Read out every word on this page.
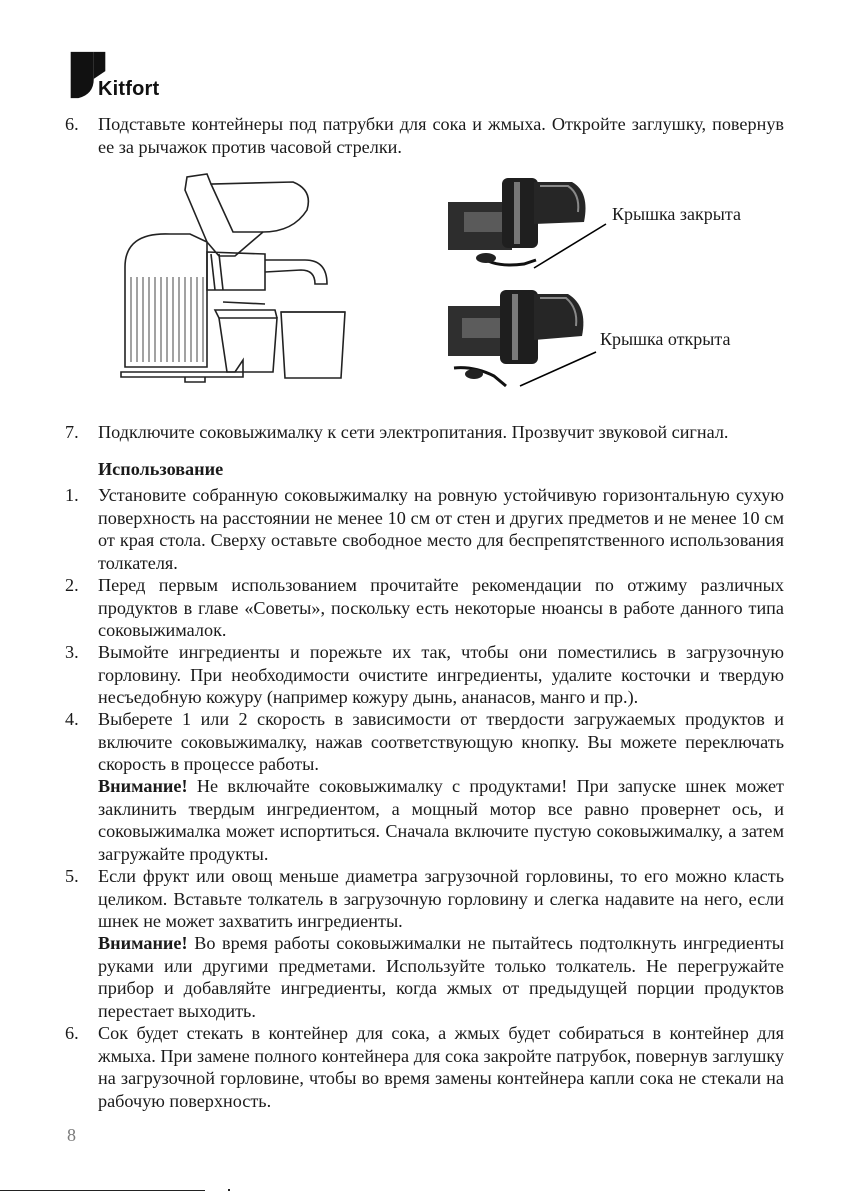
Kitfort
6. Подставьте контейнеры под патрубки для сока и жмыха. Откройте заглушку, повернув ее за рычажок против часовой стрелки.
Крышка закрыта
Крышка открыта
7. Подключите соковыжималку к сети электропитания. Прозвучит звуковой сигнал.
Использование
1. Установите собранную соковыжималку на ровную устойчивую горизонтальную сухую поверхность на расстоянии не менее 10 см от стен и других предметов и не менее 10 см от края стола. Сверху оставьте свободное место для беспрепятственного использования толкателя.
2. Перед первым использованием прочитайте рекомендации по отжиму различных продуктов в главе «Советы», поскольку есть некоторые нюансы в работе данного типа соковыжималок.
3. Вымойте ингредиенты и порежьте их так, чтобы они поместились в загрузочную горловину. При необходимости очистите ингредиенты, удалите косточки и твердую несъедобную кожуру (например кожуру дынь, ананасов, манго и пр.).
4. Выберете 1 или 2 скорость в зависимости от твердости загружаемых продуктов и включите соковыжималку, нажав соответствующую кнопку. Вы можете переключать скорость в процессе работы.
Внимание! Не включайте соковыжималку с продуктами! При запуске шнек может заклинить твердым ингредиентом, а мощный мотор все равно провернет ось, и соковыжималка может испортиться. Сначала включите пустую соковыжималку, а затем загружайте продукты.
5. Если фрукт или овощ меньше диаметра загрузочной горловины, то его можно класть целиком. Вставьте толкатель в загрузочную горловину и слегка надавите на него, если шнек не может захватить ингредиенты.
Внимание! Во время работы соковыжималки не пытайтесь подтолкнуть ингредиенты руками или другими предметами. Используйте только толкатель. Не перегружайте прибор и добавляйте ингредиенты, когда жмых от предыдущей порции продуктов перестает выходить.
6. Сок будет стекать в контейнер для сока, а жмых будет собираться в контейнер для жмыха. При замене полного контейнера для сока закройте патрубок, повернув заглушку на загрузочной горловине, чтобы во время замены контейнера капли сока не стекали на рабочую поверхность.
8
